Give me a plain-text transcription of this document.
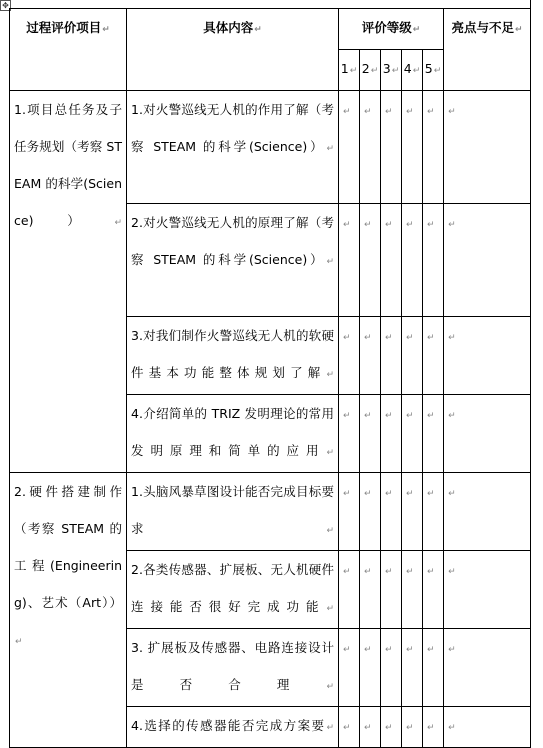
✥
过程评价项目↵	具体内容↵	评价等级↵					亮点与不足↵
		1↵	2↵	3↵	4↵	5↵	
1.项目总任务及子任务规划（考察 STEAM 的科学(Science)）↵	1.对火警巡线无人机的作用了解（考察 STEAM 的科学(Science)）↵	↵	↵	↵	↵	↵	↵
	2.对火警巡线无人机的原理了解（考察 STEAM 的科学(Science)）↵	↵	↵	↵	↵	↵	↵
	3.对我们制作火警巡线无人机的软硬件基本功能整体规划了解↵	↵	↵	↵	↵	↵	↵
	4.介绍简单的 TRIZ 发明理论的常用发明原理和简单的应用↵	↵	↵	↵	↵	↵	↵
2.硬件搭建制作（考察 STEAM 的工程(Engineering)、艺术（Art））↵	1.头脑风暴草图设计能否完成目标要求↵	↵	↵	↵	↵	↵	↵
	2.各类传感器、扩展板、无人机硬件连接能否很好完成功能↵	↵	↵	↵	↵	↵	↵
	3. 扩展板及传感器、电路连接设计是否合理↵	↵	↵	↵	↵	↵	↵
	4.选择的传感器能否完成方案要↵	↵	↵	↵	↵	↵	↵
